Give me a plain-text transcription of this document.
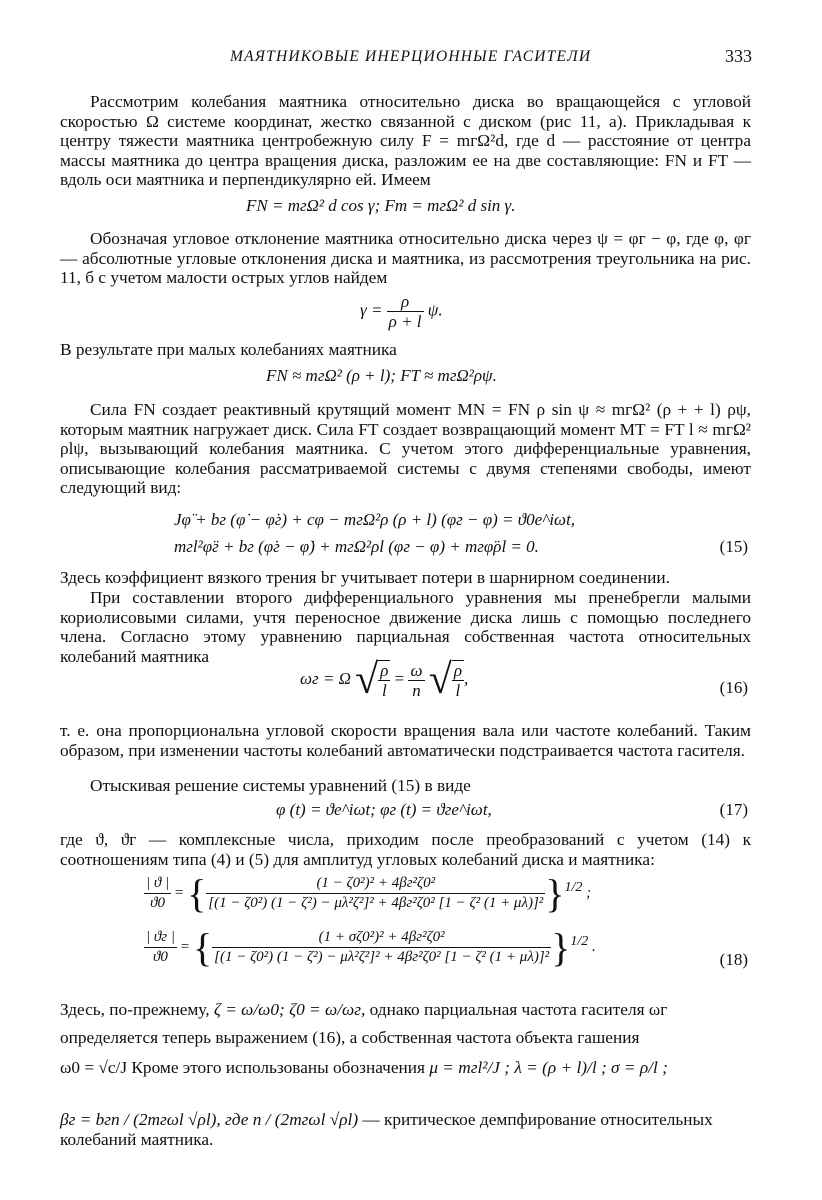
МАЯТНИКОВЫЕ ИНЕРЦИОННЫЕ ГАСИТЕЛИ	333

Рассмотрим колебания маятника относительно диска во вращающейся с угловой скоростью Ω системе координат, жестко связанной с диском (рис 11, а). Прикладывая к центру тяжести маятника центробежную силу F = mгΩ²d, где d — расстояние от центра массы маятника до центра вращения диска, разложим ее на две составляющие: FN и FT — вдоль оси маятника и перпендикулярно ей. Имеем

FN = mгΩ² d cos γ; Fт = mгΩ² d sin γ.

Обозначая угловое отклонение маятника относительно диска через ψ = φг − φ, где φ, φг — абсолютные угловые отклонения диска и маятника, из рассмотрения треугольника на рис. 11, б с учетом малости острых углов найдем

$\gamma = \frac{\rho}{\rho + l} \psi$.

В результате при малых колебаниях маятника

FN ≈ mгΩ² (ρ + l); FT ≈ mгΩ²ρψ.

Сила FN создает реактивный крутящий момент MN = FN ρ sin ψ ≈ mгΩ² (ρ + + l) ρψ, которым маятник нагружает диск. Сила FT создает возвращающий момент MT = FT l ≈ mгΩ² ρlψ, вызывающий колебания маятника. С учетом этого дифференциальные уравнения, описывающие колебания рассматриваемой системы с двумя степенями свободы, имеют следующий вид:

Jφ̈ + bг (φ̇ − φ̇г) + cφ − mгΩ²ρ (ρ + l) (φг − φ) = ϑ0e^iωt,
mгl²φ̈г + bг (φ̇г − φ̇) + mгΩ²ρl (φг − φ) + mгφ̈ρl = 0.	(15)

Здесь коэффициент вязкого трения bг учитывает потери в шарнирном соединении.

При составлении второго дифференциального уравнения мы пренебрегли малыми кориолисовыми силами, учтя переносное движение диска лишь с помощью последнего члена. Согласно этому уравнению парциальная собственная частота относительных колебаний маятника

ωг = Ω √ $\frac{\rho}{l} = \frac{\omega}{n}$ √ $\frac{\rho}{l}$ ,	(16)

т. е. она пропорциональна угловой скорости вращения вала или частоте колебаний. Таким образом, при изменении частоты колебаний автоматически подстраивается частота гасителя.

Отыскивая решение системы уравнений (15) в виде

φ (t) = ϑe^iωt; φг (t) = ϑгe^iωt,	(17)

где ϑ, ϑг — комплексные числа, приходим после преобразований с учетом (14) к соотношениям типа (4) и (5) для амплитуд угловых колебаний диска и маятника:

$\frac{| ϑ |}{ϑ0}$ = { $\frac{\text{(1 − ζ0²)² + 4βг²ζ0²}}{\text{[(1 − ζ0²) (1 − ζ²) − μλ²ζ²]² + 4βг²ζ0² [1 − ζ² (1 + μλ)]²}} \}^{1/2}$ ;
$\frac{| ϑг |}{ϑ0}$ = { $\frac{\text{(1 + σζ0²)² + 4βг²ζ0²}}{\text{[(1 − ζ0²) (1 − ζ²) − μλ²ζ²]² + 4βг²ζ0² [1 − ζ² (1 + μλ)]²}} \}^{1/2}$ .
(18)
Здесь, по-прежнему, ζ = ω/ω0; ζ0 = ω/ωг, однако парциальная частота гасителя ωг

определяется теперь выражением (16), а собственная частота объекта гашения

ω0 = √c/J Кроме этого использованы обозначения μ = mгl²/J ; λ = (ρ + l)/l ; σ = ρ/l ;
βг = bгn / (2mгωl √ρl), где n / (2mгωl √ρl) — критическое демпфирование относительных колебаний маятника.
